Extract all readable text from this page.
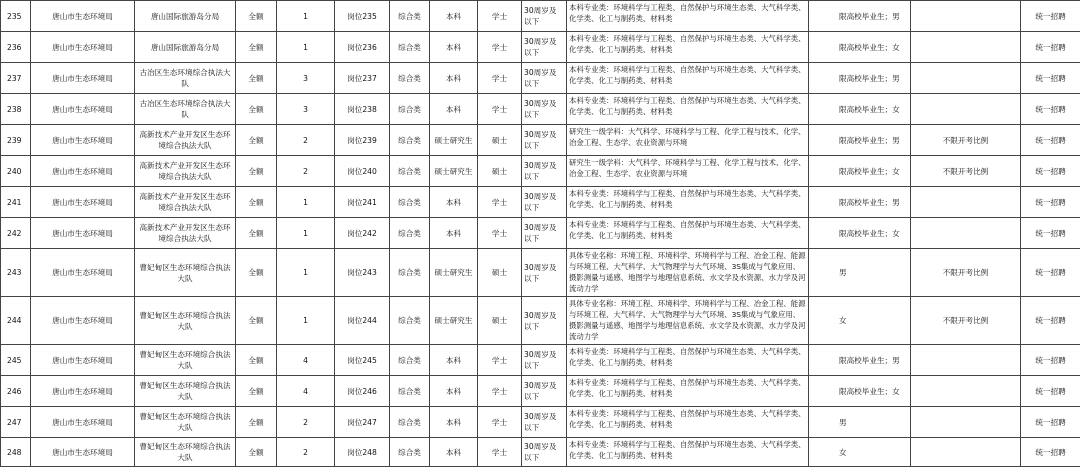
235	唐山市生态环境局	唐山国际旅游岛分局	全额	1	岗位235	综合类	本科	学士	30周岁及以下	本科专业类：环境科学与工程类、自然保护与环境生态类、大气科学类、化学类、化工与制药类、材料类	限高校毕业生；男		统一招聘
236	唐山市生态环境局	唐山国际旅游岛分局	全额	1	岗位236	综合类	本科	学士	30周岁及以下	本科专业类：环境科学与工程类、自然保护与环境生态类、大气科学类、化学类、化工与制药类、材料类	限高校毕业生；女		统一招聘
237	唐山市生态环境局	古冶区生态环境综合执法大队	全额	3	岗位237	综合类	本科	学士	30周岁及以下	本科专业类：环境科学与工程类、自然保护与环境生态类、大气科学类、化学类、化工与制药类、材料类	限高校毕业生；男		统一招聘
238	唐山市生态环境局	古冶区生态环境综合执法大队	全额	3	岗位238	综合类	本科	学士	30周岁及以下	本科专业类：环境科学与工程类、自然保护与环境生态类、大气科学类、化学类、化工与制药类、材料类	限高校毕业生；女		统一招聘
239	唐山市生态环境局	高新技术产业开发区生态环境综合执法大队	全额	2	岗位239	综合类	硕士研究生	硕士	30周岁及以下	研究生一级学科：大气科学、环境科学与工程、化学工程与技术、化学、冶金工程、生态学、农业资源与环境	限高校毕业生；男	不限开考比例	统一招聘
240	唐山市生态环境局	高新技术产业开发区生态环境综合执法大队	全额	2	岗位240	综合类	硕士研究生	硕士	30周岁及以下	研究生一级学科：大气科学、环境科学与工程、化学工程与技术、化学、冶金工程、生态学、农业资源与环境	限高校毕业生；女	不限开考比例	统一招聘
241	唐山市生态环境局	高新技术产业开发区生态环境综合执法大队	全额	1	岗位241	综合类	本科	学士	30周岁及以下	本科专业类：环境科学与工程类、自然保护与环境生态类、大气科学类、化学类、化工与制药类、材料类	限高校毕业生；男		统一招聘
242	唐山市生态环境局	高新技术产业开发区生态环境综合执法大队	全额	1	岗位242	综合类	本科	学士	30周岁及以下	本科专业类：环境科学与工程类、自然保护与环境生态类、大气科学类、化学类、化工与制药类、材料类	限高校毕业生；女		统一招聘
243	唐山市生态环境局	曹妃甸区生态环境综合执法大队	全额	1	岗位243	综合类	硕士研究生	硕士	30周岁及以下	具体专业名称：环境工程、环境科学、环境科学与工程、冶金工程、能源与环境工程、大气科学、大气物理学与大气环境、3S集成与气象应用、摄影测量与遥感、地图学与地理信息系统、水文学及水资源、水力学及河流动力学	男	不限开考比例	统一招聘
244	唐山市生态环境局	曹妃甸区生态环境综合执法大队	全额	1	岗位244	综合类	硕士研究生	硕士	30周岁及以下	具体专业名称：环境工程、环境科学、环境科学与工程、冶金工程、能源与环境工程、大气科学、大气物理学与大气环境、3S集成与气象应用、摄影测量与遥感、地图学与地理信息系统、水文学及水资源、水力学及河流动力学	女	不限开考比例	统一招聘
245	唐山市生态环境局	曹妃甸区生态环境综合执法大队	全额	4	岗位245	综合类	本科	学士	30周岁及以下	本科专业类：环境科学与工程类、自然保护与环境生态类、大气科学类、化学类、化工与制药类、材料类	限高校毕业生；男		统一招聘
246	唐山市生态环境局	曹妃甸区生态环境综合执法大队	全额	4	岗位246	综合类	本科	学士	30周岁及以下	本科专业类：环境科学与工程类、自然保护与环境生态类、大气科学类、化学类、化工与制药类、材料类	限高校毕业生；女		统一招聘
247	唐山市生态环境局	曹妃甸区生态环境综合执法大队	全额	2	岗位247	综合类	本科	学士	30周岁及以下	本科专业类：环境科学与工程类、自然保护与环境生态类、大气科学类、化学类、化工与制药类、材料类	男		统一招聘
248	唐山市生态环境局	曹妃甸区生态环境综合执法大队	全额	2	岗位248	综合类	本科	学士	30周岁及以下	本科专业类：环境科学与工程类、自然保护与环境生态类、大气科学类、化学类、化工与制药类、材料类	女		统一招聘
